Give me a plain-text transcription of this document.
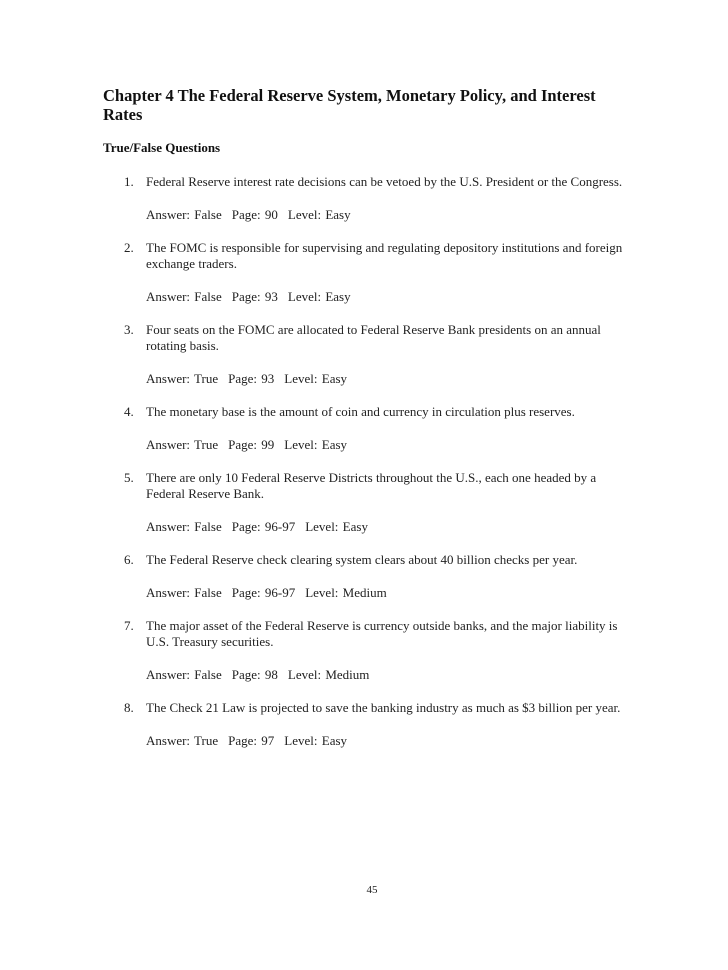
Chapter 4 The Federal Reserve System, Monetary Policy, and Interest Rates
True/False Questions
1. Federal Reserve interest rate decisions can be vetoed by the U.S. President or the Congress.

Answer: False Page: 90 Level: Easy

2. The FOMC is responsible for supervising and regulating depository institutions and foreign exchange traders.

Answer: False Page: 93 Level: Easy

3. Four seats on the FOMC are allocated to Federal Reserve Bank presidents on an annual rotating basis.

Answer: True Page: 93 Level: Easy

4. The monetary base is the amount of coin and currency in circulation plus reserves.

Answer: True Page: 99 Level: Easy

5. There are only 10 Federal Reserve Districts throughout the U.S., each one headed by a Federal Reserve Bank.

Answer: False Page: 96-97 Level: Easy

6. The Federal Reserve check clearing system clears about 40 billion checks per year.

Answer: False Page: 96-97 Level: Medium

7. The major asset of the Federal Reserve is currency outside banks, and the major liability is U.S. Treasury securities.

Answer: False Page: 98 Level: Medium

8. The Check 21 Law is projected to save the banking industry as much as $3 billion per year.

Answer: True Page: 97 Level: Easy

45
